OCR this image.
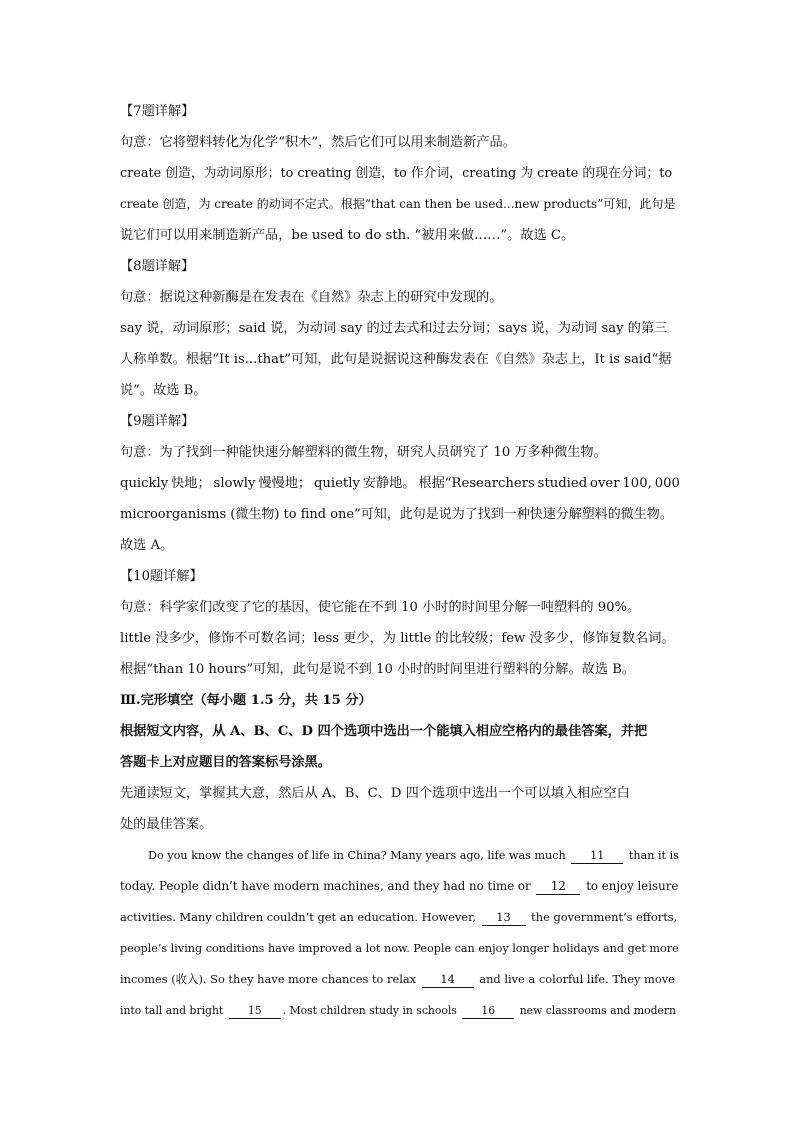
【7题详解】
句意：它将塑料转化为化学“积木”，然后它们可以用来制造新产品。
create 创造，为动词原形；to creating 创造，to 作介词，creating 为 create 的现在分词；to
create 创造，为 create 的动词不定式。根据“that can then be used...new products”可知，此句是
说它们可以用来制造新产品，be used to do sth. “被用来做……”。故选 C。
【8题详解】
句意：据说这种新酶是在发表在《自然》杂志上的研究中发现的。
say 说，动词原形；said 说，为动词 say 的过去式和过去分词；says 说，为动词 say 的第三
人称单数。根据“It is...that”可知，此句是说据说这种酶发表在《自然》杂志上，It is said“据
说”。故选 B。
【9题详解】
句意：为了找到一种能快速分解塑料的微生物，研究人员研究了 10 万多种微生物。
quickly 快地； slowly 慢慢地； quietly 安静地。 根据“Researchers studied over 100, 000
microorganisms (微生物) to find one”可知，此句是说为了找到一种快速分解塑料的微生物。
故选 A。
【10题详解】
句意：科学家们改变了它的基因，使它能在不到 10 小时的时间里分解一吨塑料的 90%。
little 没多少，修饰不可数名词；less 更少，为 little 的比较级；few 没多少，修饰复数名词。
根据“than 10 hours”可知，此句是说不到 10 小时的时间里进行塑料的分解。故选 B。
Ⅲ.完形填空（每小题 1.5 分，共 15 分）
根据短文内容，从 A、B、C、D 四个选项中选出一个能填入相应空格内的最佳答案，并把
答题卡上对应题目的答案标号涂黑。
先通读短文，掌握其大意，然后从 A、B、C、D 四个选项中选出一个可以填入相应空白
处的最佳答案。
Do you know the changes of life in China? Many years ago, life was much 11 than it is
today. People didn’t have modern machines, and they had no time or 12 to enjoy leisure
activities. Many children couldn’t get an education. However, 13 the government’s efforts,
people’s living conditions have improved a lot now. People can enjoy longer holidays and get more
incomes (收入). So they have more chances to relax 14 and live a colorful life. They move
into tall and bright 15 . Most children study in schools 16 new classrooms and modern
